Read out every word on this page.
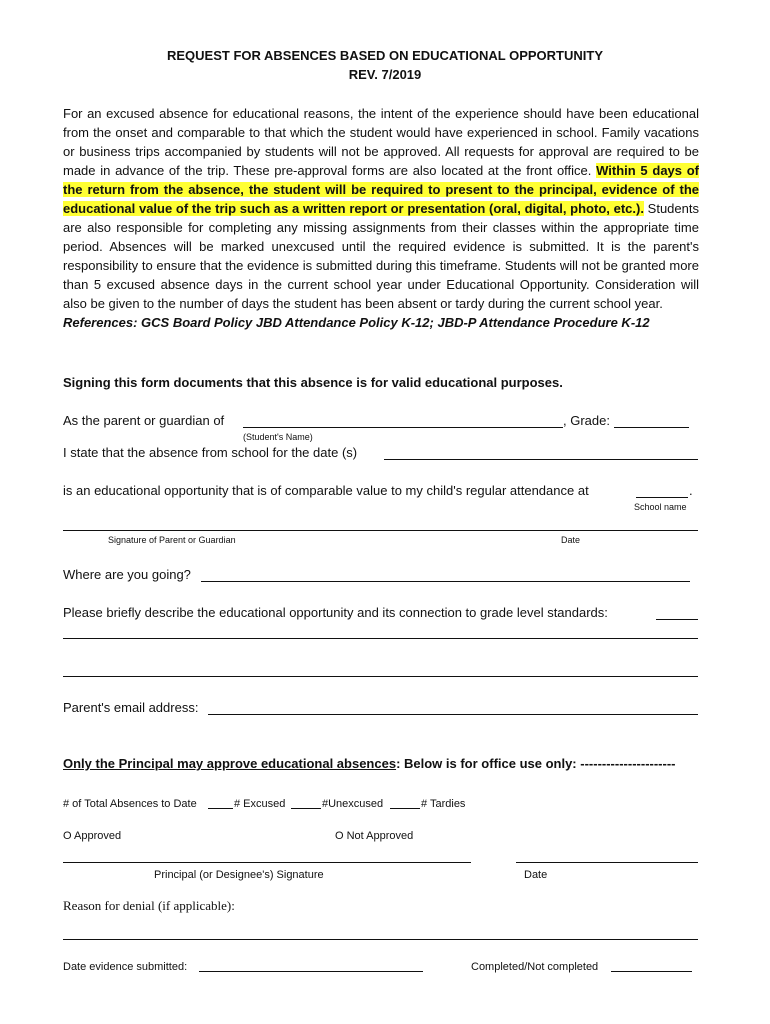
REQUEST FOR ABSENCES BASED ON EDUCATIONAL OPPORTUNITY
REV. 7/2019
For an excused absence for educational reasons, the intent of the experience should have been educational from the onset and comparable to that which the student would have experienced in school. Family vacations or business trips accompanied by students will not be approved. All requests for approval are required to be made in advance of the trip. These pre-approval forms are also located at the front office. Within 5 days of the return from the absence, the student will be required to present to the principal, evidence of the educational value of the trip such as a written report or presentation (oral, digital, photo, etc.). Students are also responsible for completing any missing assignments from their classes within the appropriate time period. Absences will be marked unexcused until the required evidence is submitted. It is the parent's responsibility to ensure that the evidence is submitted during this timeframe. Students will not be granted more than 5 excused absence days in the current school year under Educational Opportunity. Consideration will also be given to the number of days the student has been absent or tardy during the current school year.
References: GCS Board Policy JBD Attendance Policy K-12; JBD-P Attendance Procedure K-12
Signing this form documents that this absence is for valid educational purposes.
As the parent or guardian of	, Grade:
(Student's Name)
I state that the absence from school for the date (s)
is an educational opportunity that is of comparable value to my child's regular attendance at	.
School name
Signature of Parent or Guardian	Date
Where are you going?
Please briefly describe the educational opportunity and its connection to grade level standards:
Parent's email address:
Only the Principal may approve educational absences: Below is for office use only: ----------------------
# of Total Absences to Date	# Excused	#Unexcused	# Tardies
O Approved	O Not Approved
Principal (or Designee's) Signature	Date
Reason for denial (if applicable):
Date evidence submitted:	Completed/Not completed
